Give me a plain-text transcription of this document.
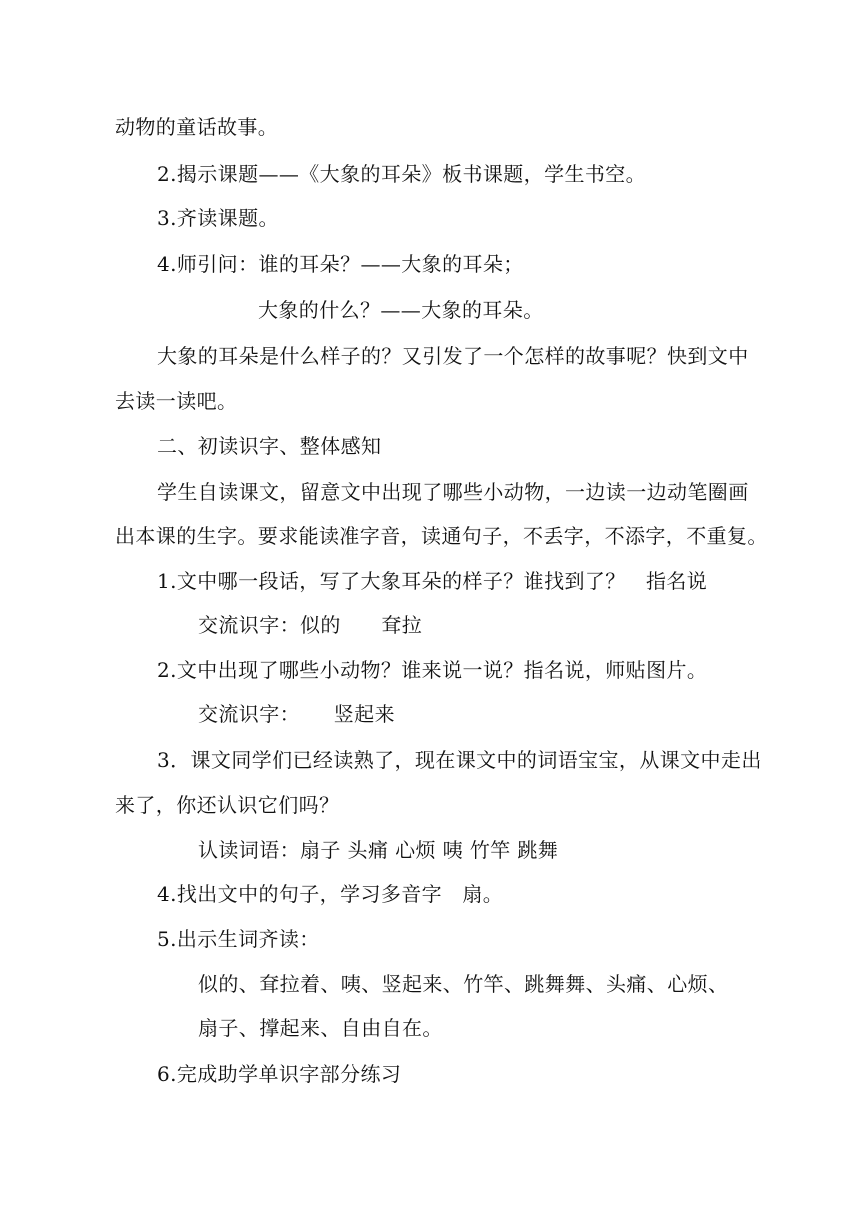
动物的童话故事。
2.揭示课题——《大象的耳朵》板书课题，学生书空。
3.齐读课题。
4.师引问：谁的耳朵？——大象的耳朵；
大象的什么？——大象的耳朵。
大象的耳朵是什么样子的？又引发了一个怎样的故事呢？快到文中
去读一读吧。
二、初读识字、整体感知
学生自读课文，留意文中出现了哪些小动物，一边读一边动笔圈画
出本课的生字。要求能读准字音，读通句子，不丢字，不添字，不重复。
1.文中哪一段话，写了大象耳朵的样子？谁找到了？   指名说
交流识字：似的      耷拉
2.文中出现了哪些小动物？谁来说一说？指名说，师贴图片。
交流识字：     竖起来
3．课文同学们已经读熟了，现在课文中的词语宝宝，从课文中走出
来了，你还认识它们吗？
认读词语：扇子 头痛 心烦 咦 竹竿 跳舞
4.找出文中的句子，学习多音字   扇。
5.出示生词齐读：
似的、耷拉着、咦、竖起来、竹竿、跳舞舞、头痛、心烦、
扇子、撑起来、自由自在。
6.完成助学单识字部分练习
